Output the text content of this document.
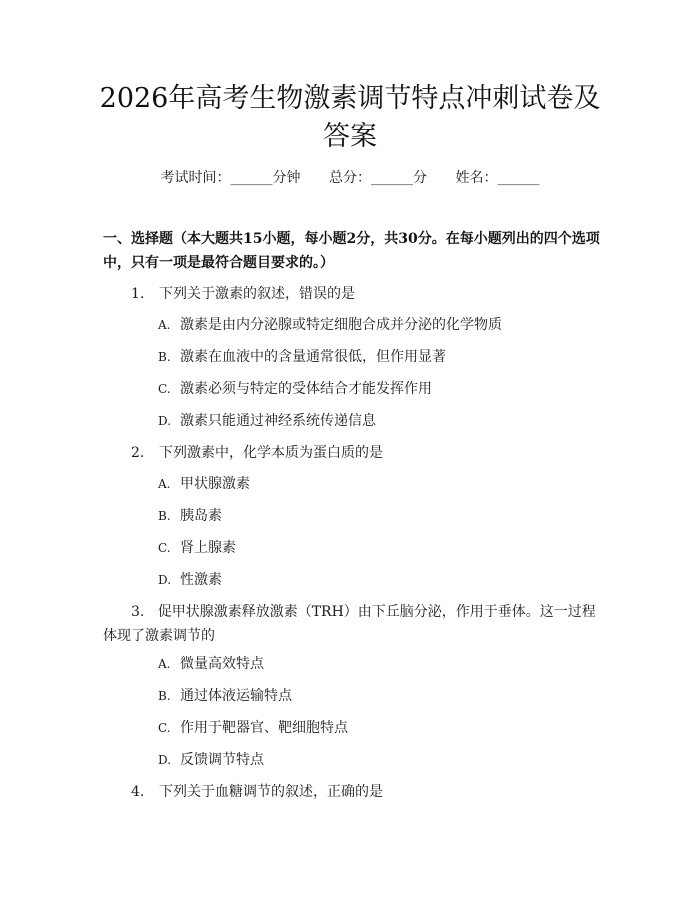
2026年高考生物激素调节特点冲刺试卷及答案
考试时间：______分钟 总分：______分 姓名：______
一、选择题（本大题共15小题，每小题2分，共30分。在每小题列出的四个选项中，只有一项是最符合题目要求的。）
1. 下列关于激素的叙述，错误的是
A. 激素是由内分泌腺或特定细胞合成并分泌的化学物质
B. 激素在血液中的含量通常很低，但作用显著
C. 激素必须与特定的受体结合才能发挥作用
D. 激素只能通过神经系统传递信息
2. 下列激素中，化学本质为蛋白质的是
A. 甲状腺激素
B. 胰岛素
C. 肾上腺素
D. 性激素
3. 促甲状腺激素释放激素（TRH）由下丘脑分泌，作用于垂体。这一过程体现了激素调节的
A. 微量高效特点
B. 通过体液运输特点
C. 作用于靶器官、靶细胞特点
D. 反馈调节特点
4. 下列关于血糖调节的叙述，正确的是
